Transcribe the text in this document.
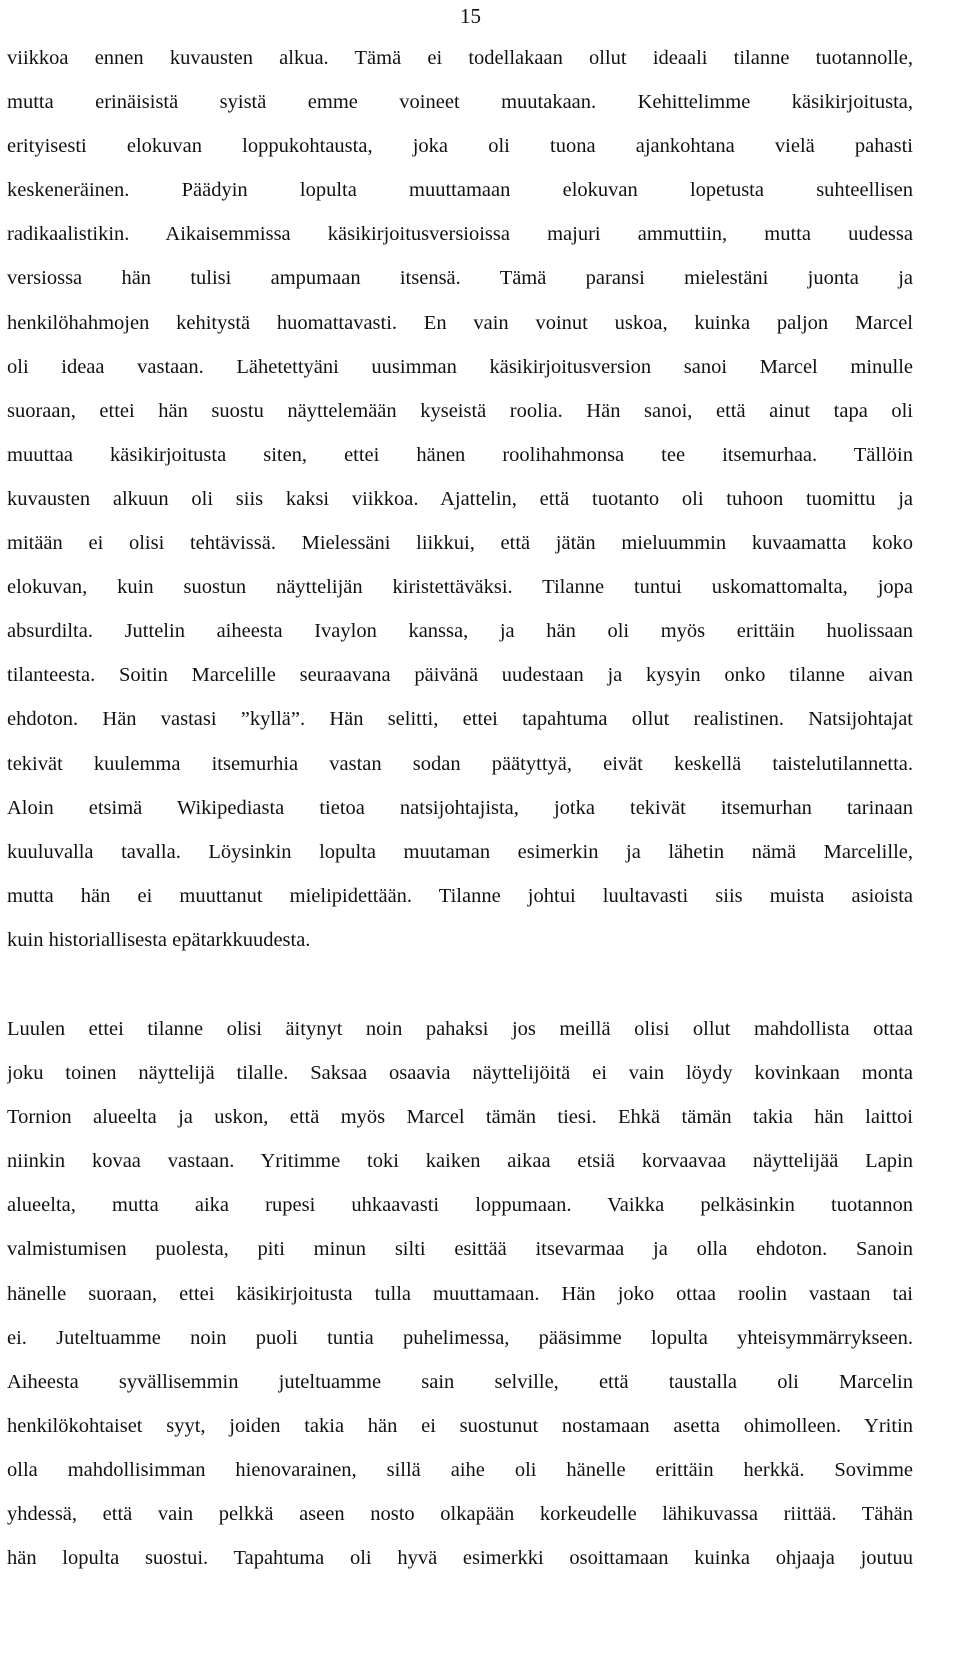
15
viikkoa ennen kuvausten alkua. Tämä ei todellakaan ollut ideaali tilanne tuotannolle,
mutta erinäisistä syistä emme voineet muutakaan. Kehittelimme käsikirjoitusta,
erityisesti elokuvan loppukohtausta, joka oli tuona ajankohtana vielä pahasti
keskeneräinen. Päädyin lopulta muuttamaan elokuvan lopetusta suhteellisen
radikaalistikin. Aikaisemmissa käsikirjoitusversioissa majuri ammuttiin, mutta uudessa
versiossa hän tulisi ampumaan itsensä. Tämä paransi mielestäni juonta ja
henkilöhahmojen kehitystä huomattavasti. En vain voinut uskoa, kuinka paljon Marcel
oli ideaa vastaan. Lähetettyäni uusimman käsikirjoitusversion sanoi Marcel minulle
suoraan, ettei hän suostu näyttelemään kyseistä roolia. Hän sanoi, että ainut tapa oli
muuttaa käsikirjoitusta siten, ettei hänen roolihahmonsa tee itsemurhaa. Tällöin
kuvausten alkuun oli siis kaksi viikkoa. Ajattelin, että tuotanto oli tuhoon tuomittu ja
mitään ei olisi tehtävissä. Mielessäni liikkui, että jätän mieluummin kuvaamatta koko
elokuvan, kuin suostun näyttelijän kiristettäväksi. Tilanne tuntui uskomattomalta, jopa
absurdilta. Juttelin aiheesta Ivaylon kanssa, ja hän oli myös erittäin huolissaan
tilanteesta. Soitin Marcelille seuraavana päivänä uudestaan ja kysyin onko tilanne aivan
ehdoton. Hän vastasi ”kyllä”. Hän selitti, ettei tapahtuma ollut realistinen. Natsijohtajat
tekivät kuulemma itsemurhia vastan sodan päätyttyä, eivät keskellä taistelutilannetta.
Aloin etsimä Wikipediasta tietoa natsijohtajista, jotka tekivät itsemurhan tarinaan
kuuluvalla tavalla. Löysinkin lopulta muutaman esimerkin ja lähetin nämä Marcelille,
mutta hän ei muuttanut mielipidettään. Tilanne johtui luultavasti siis muista asioista
kuin historiallisesta epätarkkuudesta.
Luulen ettei tilanne olisi äitynyt noin pahaksi jos meillä olisi ollut mahdollista ottaa
joku toinen näyttelijä tilalle. Saksaa osaavia näyttelijöitä ei vain löydy kovinkaan monta
Tornion alueelta ja uskon, että myös Marcel tämän tiesi. Ehkä tämän takia hän laittoi
niinkin kovaa vastaan. Yritimme toki kaiken aikaa etsiä korvaavaa näyttelijää Lapin
alueelta, mutta aika rupesi uhkaavasti loppumaan. Vaikka pelkäsinkin tuotannon
valmistumisen puolesta, piti minun silti esittää itsevarmaa ja olla ehdoton. Sanoin
hänelle suoraan, ettei käsikirjoitusta tulla muuttamaan. Hän joko ottaa roolin vastaan tai
ei. Juteltuamme noin puoli tuntia puhelimessa, pääsimme lopulta yhteisymmärrykseen.
Aiheesta syvällisemmin juteltuamme sain selville, että taustalla oli Marcelin
henkilökohtaiset syyt, joiden takia hän ei suostunut nostamaan asetta ohimolleen. Yritin
olla mahdollisimman hienovarainen, sillä aihe oli hänelle erittäin herkkä. Sovimme
yhdessä, että vain pelkkä aseen nosto olkapään korkeudelle lähikuvassa riittää. Tähän
hän lopulta suostui. Tapahtuma oli hyvä esimerkki osoittamaan kuinka ohjaaja joutuu
